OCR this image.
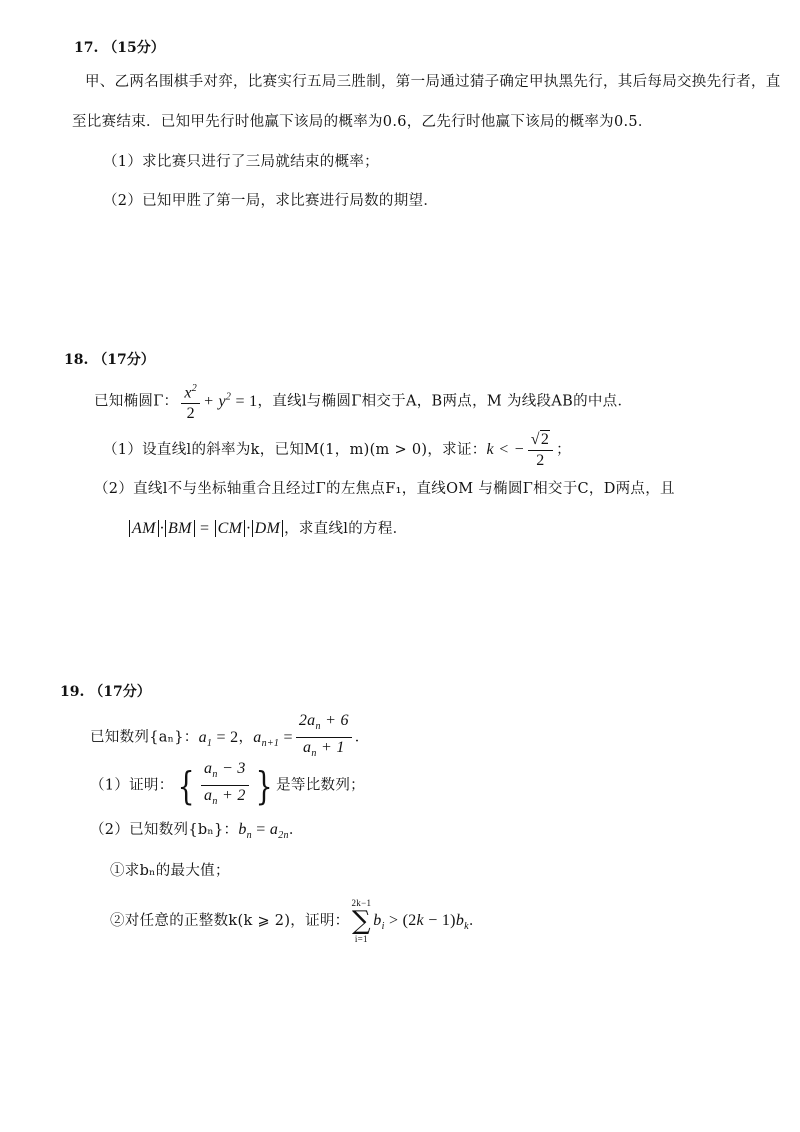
17. （15分）
甲、乙两名围棋手对弈，比赛实行五局三胜制，第一局通过猜子确定甲执黑先行，其后每局交换先行者，直
至比赛结束．已知甲先行时他赢下该局的概率为0.6，乙先行时他赢下该局的概率为0.5．
（1）求比赛只进行了三局就结束的概率；
（2）已知甲胜了第一局，求比赛进行局数的期望．
18. （17分）
已知椭圆Γ： $\frac{x^2}{2} + y^2 = 1$，直线l与椭圆Γ相交于A，B两点，M 为线段AB的中点．
（1）设直线l的斜率为k，已知M(1，m)(m > 0)，求证：k < − $\frac{√ 2}{2}$ ；
（2）直线l不与坐标轴重合且经过Γ的左焦点F₁，直线OM 与椭圆Γ相交于C，D两点，且
AM · BM = CM · DM ，求直线l的方程．
19. （17分）
已知数列{aₙ}：$a_1 = 2$，$a_{n+1} = \frac{2a_n + 6}{a_n + 1}$ ．
（1）证明：{ $\frac{a_n - 3}{a_n + 2}$ } 是等比数列；
（2）已知数列{bₙ}：$b_n = a_{2n}$．
①求bₙ的最大值；
②对任意的正整数k(k ⩾ 2)，证明：
2k−1
∑
i=1
$b_i > (2k - 1)b_k$．
